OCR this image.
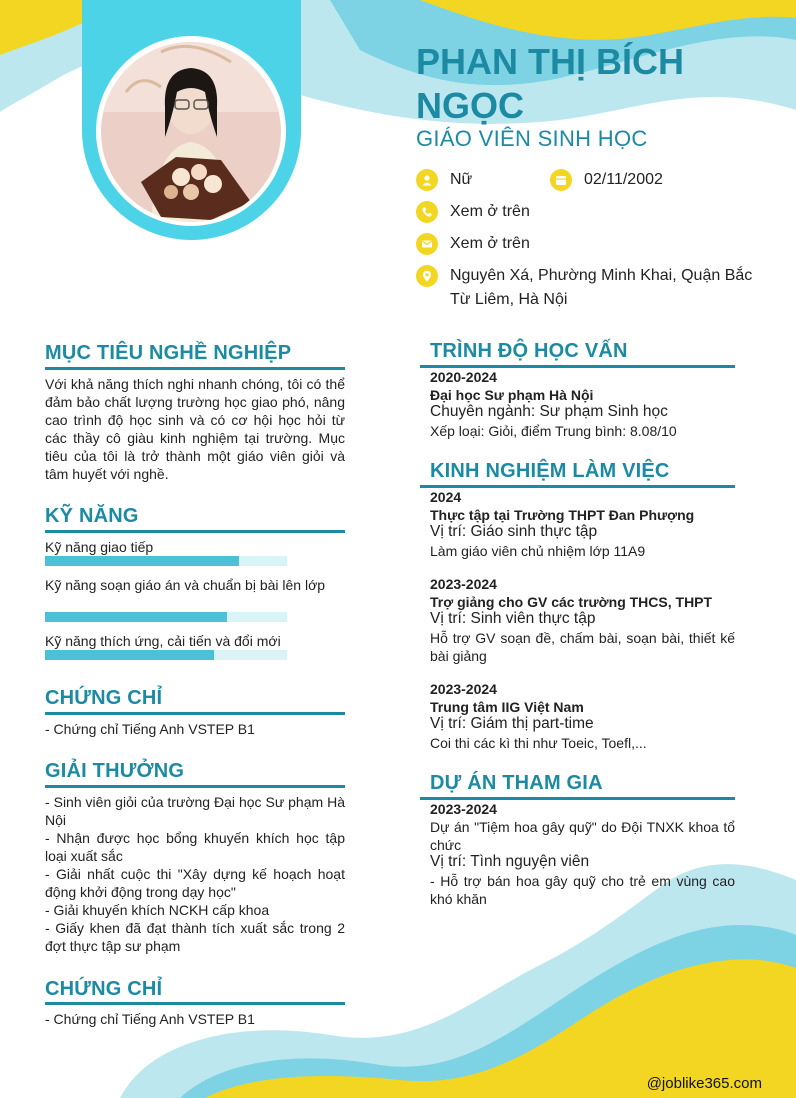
PHAN THỊ BÍCH NGỌC
GIÁO VIÊN SINH HỌC
Nữ	02/11/2002
Xem ở trên
Xem ở trên
Nguyên Xá, Phường Minh Khai, Quận Bắc Từ Liêm, Hà Nội
MỤC TIÊU NGHỀ NGHIỆP
Với khả năng thích nghi nhanh chóng, tôi có thể đảm bảo chất lượng trường học giao phó, nâng cao trình độ học sinh và có cơ hội học hỏi từ các thầy cô giàu kinh nghiệm tại trường. Mục tiêu của tôi là trở thành một giáo viên giỏi và tâm huyết với nghề.
KỸ NĂNG
Kỹ năng giao tiếp
Kỹ năng soạn giáo án và chuẩn bị bài lên lớp
Kỹ năng thích ứng, cải tiến và đổi mới
CHỨNG CHỈ
- Chứng chỉ Tiếng Anh VSTEP B1
GIẢI THƯỞNG
- Sinh viên giỏi của trường Đại học Sư phạm Hà Nội
- Nhận được học bổng khuyến khích học tập loại xuất sắc
- Giải nhất cuộc thi "Xây dựng kế hoạch hoạt động khởi động trong dạy học"
- Giải khuyến khích NCKH cấp khoa
- Giấy khen đã đạt thành tích xuất sắc trong 2 đợt thực tập sư phạm
CHỨNG CHỈ
- Chứng chỉ Tiếng Anh VSTEP B1
TRÌNH ĐỘ HỌC VẤN
2020-2024
Đại học Sư phạm Hà Nội
Chuyên ngành: Sư phạm Sinh học
Xếp loại: Giỏi, điểm Trung bình: 8.08/10
KINH NGHIỆM LÀM VIỆC
2024
Thực tập tại Trường THPT Đan Phượng
Vị trí: Giáo sinh thực tập
Làm giáo viên chủ nhiệm lớp 11A9
2023-2024
Trợ giảng cho GV các trường THCS, THPT
Vị trí: Sinh viên thực tập
Hỗ trợ GV soạn đề, chấm bài, soạn bài, thiết kế bài giảng
2023-2024
Trung tâm IIG Việt Nam
Vị trí: Giám thị part-time
Coi thi các kì thi như Toeic, Toefl,...
DỰ ÁN THAM GIA
2023-2024
Dự án "Tiệm hoa gây quỹ" do Đội TNXK khoa tổ chức
Vị trí: Tình nguyện viên
- Hỗ trợ bán hoa gây quỹ cho trẻ em vùng cao khó khăn
@joblike365.com
